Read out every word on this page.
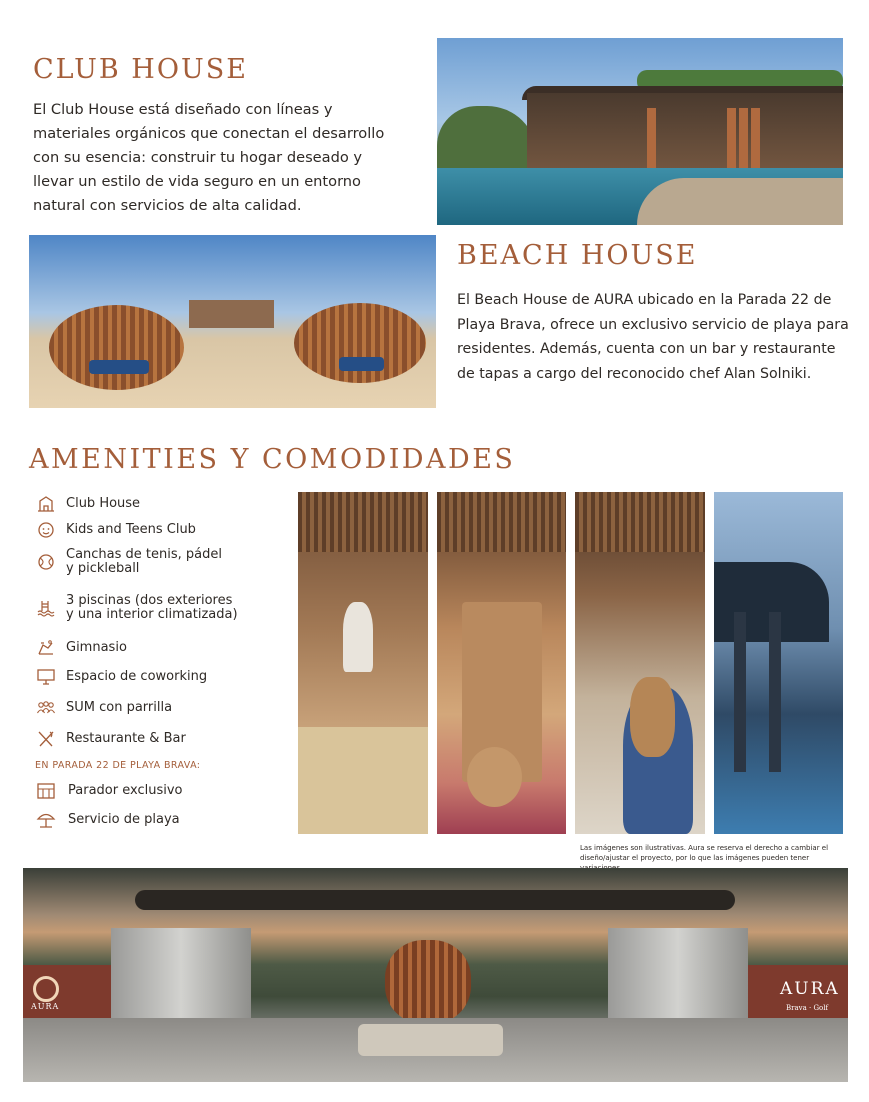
CLUB HOUSE

El Club House está diseñado con líneas y materiales orgánicos que conectan el desarrollo con su esencia: construir tu hogar deseado y llevar un estilo de vida seguro en un entorno natural con servicios de alta calidad.

BEACH HOUSE

El Beach House de AURA ubicado en la Parada 22 de Playa Brava, ofrece un exclusivo servicio de playa para residentes. Además, cuenta con un bar y restaurante de tapas a cargo del reconocido chef Alan Solniki.

AMENITIES Y COMODIDADES
Club House
Kids and Teens Club
Canchas de tenis, pádel
y pickleball
3 piscinas (dos exteriores
y una interior climatizada)
Gimnasio
Espacio de coworking
SUM con parrilla
Restaurante & Bar
EN PARADA 22 DE PLAYA BRAVA:
Parador exclusivo
Servicio de playa

Las imágenes son ilustrativas. Aura se reserva el derecho a cambiar el diseño/ajustar el proyecto, por lo que las imágenes pueden tener

AURA
AURA
Brava · Golf
